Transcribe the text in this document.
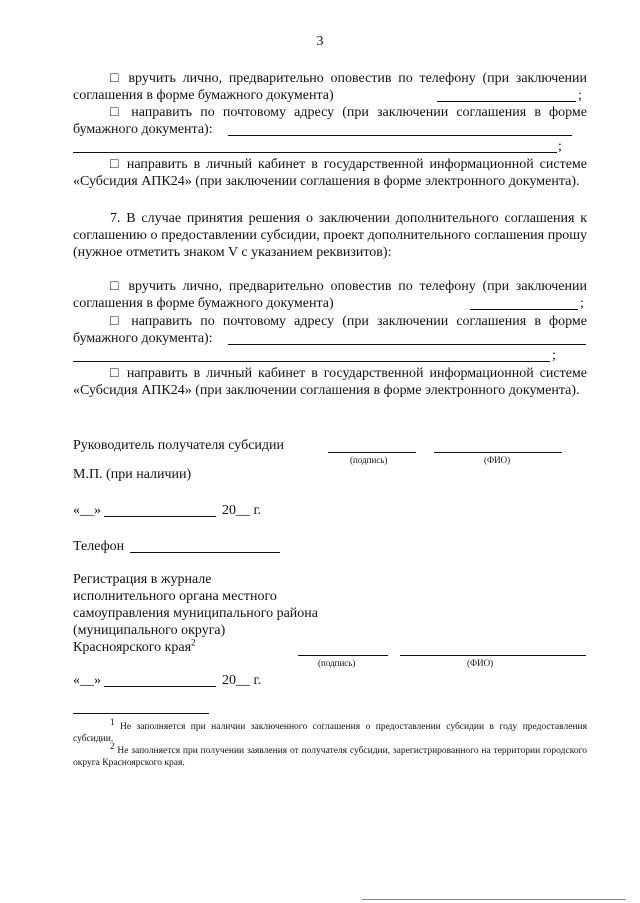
3
□ вручить лично, предварительно оповестив по телефону (при заключении соглашения в форме бумажного документа)	;
□ направить по почтовому адресу (при заключении соглашения в форме бумажного документа):
;
□ направить в личный кабинет в государственной информационной системе «Субсидия АПК24» (при заключении соглашения в форме электронного документа).
7. В случае принятия решения о заключении дополнительного соглашения к соглашению о предоставлении субсидии, проект дополнительного соглашения прошу (нужное отметить знаком V с указанием реквизитов):
□ вручить лично, предварительно оповестив по телефону (при заключении соглашения в форме бумажного документа)	;
□ направить по почтовому адресу (при заключении соглашения в форме бумажного документа):
;
□ направить в личный кабинет в государственной информационной системе «Субсидия АПК24» (при заключении соглашения в форме электронного документа).
Руководитель получателя субсидии
(подпись)	(ФИО)
М.П. (при наличии)
«__»	20__ г.
Телефон
Регистрация в журнале
исполнительного органа местного
самоуправления муниципального района
(муниципального округа)
Красноярского края$^2$
(подпись)	(ФИО)
«__»	20__ г.
$^1$ Не заполняется при наличии заключенного соглашения о предоставлении субсидии в году предоставления субсидии.
$^2$ Не заполняется при получении заявления от получателя субсидии, зарегистрированного на территории городского округа Красноярского края.
